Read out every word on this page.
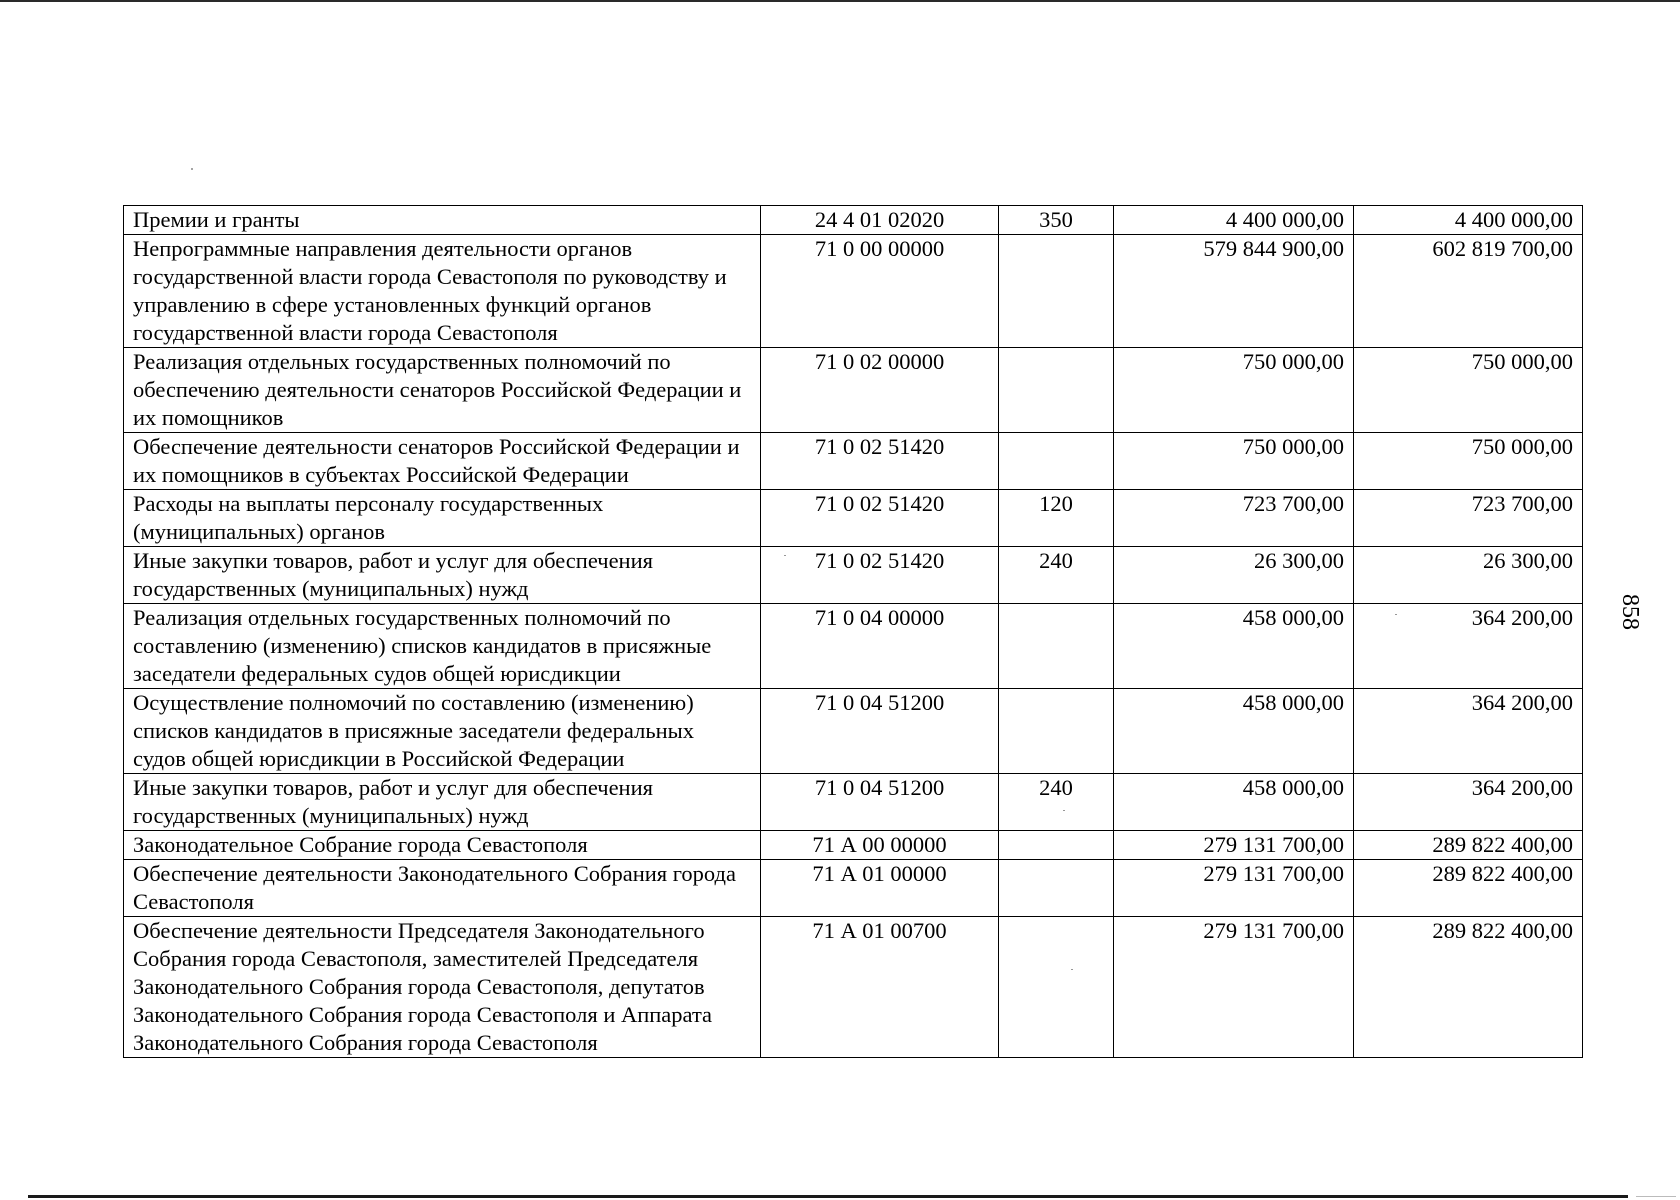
Премии и гранты	24 4 01 02020	350	4 400 000,00	4 400 000,00
Непрограммные направления деятельности органов государственной власти города Севастополя по руководству и управлению в сфере установленных функций органов государственной власти города Севастополя	71 0 00 00000		579 844 900,00	602 819 700,00
Реализация отдельных государственных полномочий по обеспечению деятельности сенаторов Российской Федерации и их помощников	71 0 02 00000		750 000,00	750 000,00
Обеспечение деятельности сенаторов Российской Федерации и их помощников в субъектах Российской Федерации	71 0 02 51420		750 000,00	750 000,00
Расходы на выплаты персоналу государственных (муниципальных) органов	71 0 02 51420	120	723 700,00	723 700,00
Иные закупки товаров, работ и услуг для обеспечения государственных (муниципальных) нужд	71 0 02 51420	240	26 300,00	26 300,00
Реализация отдельных государственных полномочий по составлению (изменению) списков кандидатов в присяжные заседатели федеральных судов общей юрисдикции	71 0 04 00000		458 000,00	364 200,00
Осуществление полномочий по составлению (изменению) списков кандидатов в присяжные заседатели федеральных судов общей юрисдикции в Российской Федерации	71 0 04 51200		458 000,00	364 200,00
Иные закупки товаров, работ и услуг для обеспечения государственных (муниципальных) нужд	71 0 04 51200	240	458 000,00	364 200,00
Законодательное Собрание города Севастополя	71 А 00 00000		279 131 700,00	289 822 400,00
Обеспечение деятельности Законодательного Собрания города Севастополя	71 А 01 00000		279 131 700,00	289 822 400,00
Обеспечение деятельности Председателя Законодательного Собрания города Севастополя, заместителей Председателя Законодательного Собрания города Севастополя, депутатов Законодательного Собрания города Севастополя и Аппарата Законодательного Собрания города Севастополя	71 А 01 00700		279 131 700,00	289 822 400,00
858
